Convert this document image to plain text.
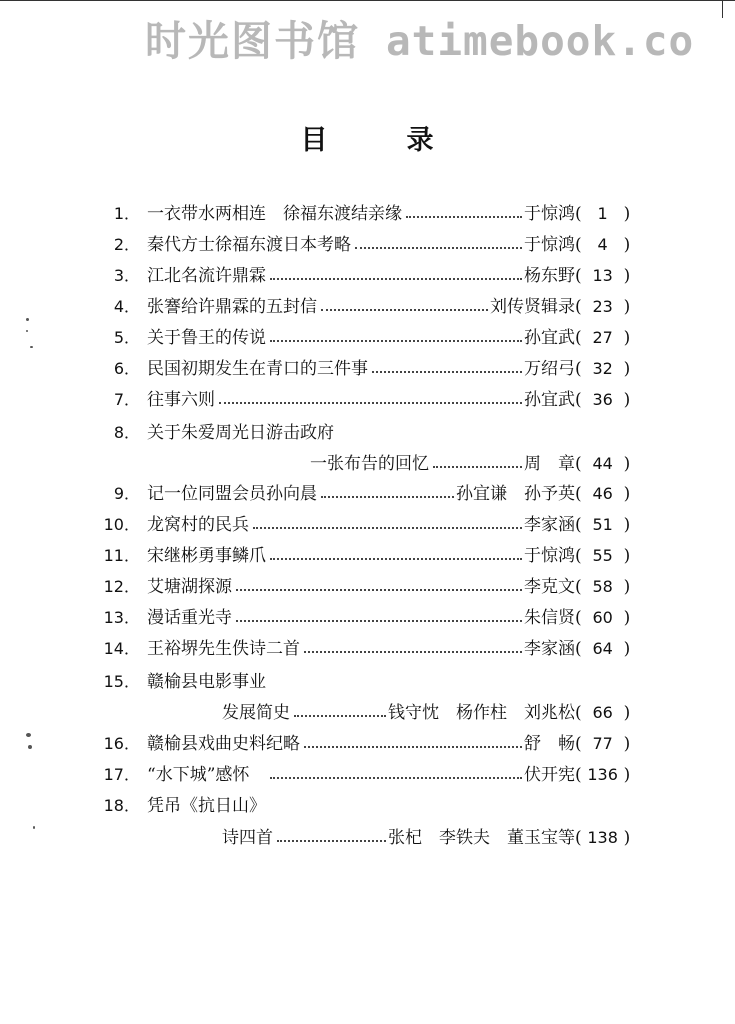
时光图书馆 atimebook.co
目	录
1． 一衣带水两相连　徐福东渡结亲缘	于惊鸿 ( 1 )
2． 秦代方士徐福东渡日本考略	于惊鸿 ( 4 )
3． 江北名流许鼎霖	杨东野 ( 13 )
4． 张謇给许鼎霖的五封信	刘传贤辑录 ( 23 )
5． 关于鲁王的传说	孙宜武 ( 27 )
6． 民国初期发生在青口的三件事	万绍弓 ( 32 )
7． 往事六则	孙宜武 ( 36 )
8． 关于朱爱周光日游击政府
一张布告的回忆	周　章 ( 44 )
9． 记一位同盟会员孙向晨	孙宜谦　孙予英 ( 46 )
10． 龙窝村的民兵	李家涵 ( 51 )
11． 宋继彬勇事鳞爪	于惊鸿 ( 55 )
12． 艾塘湖探源	李克文 ( 58 )
13． 漫话重光寺	朱信贤 ( 60 )
14． 王裕堺先生佚诗二首	李家涵 ( 64 )
15． 赣榆县电影事业
发展简史	钱守忱　杨作柱　刘兆松 ( 66 )
16． 赣榆县戏曲史料纪略	舒　畅 ( 77 )
17． “水下城”感怀	伏开宪 ( 136 )
18． 凭吊《抗日山》
诗四首	张杞　李铁夫　董玉宝等 ( 138 )
